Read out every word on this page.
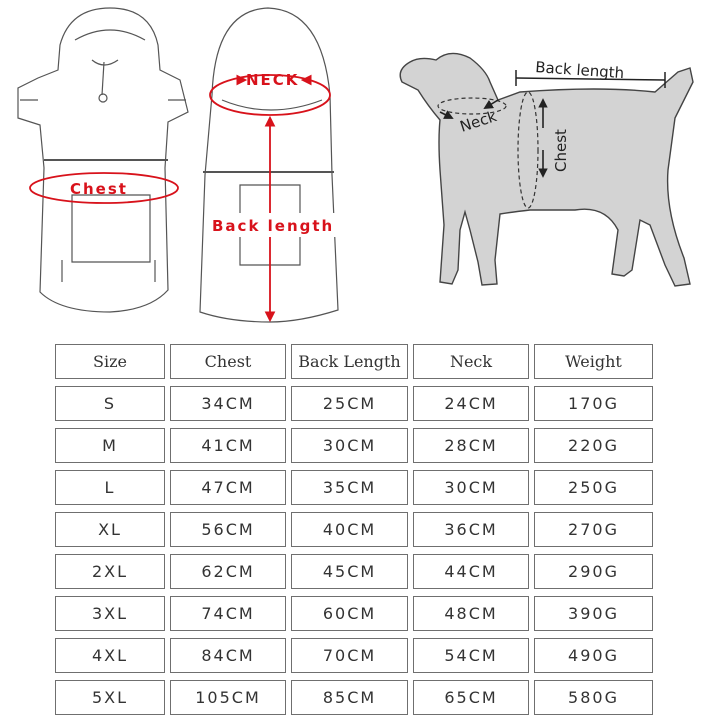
Chest
NECK
Back length
Neck
Back length
Chest
Size	Chest	Back Length	Neck	Weight
S	34CM	25CM	24CM	170G
M	41CM	30CM	28CM	220G
L	47CM	35CM	30CM	250G
XL	56CM	40CM	36CM	270G
2XL	62CM	45CM	44CM	290G
3XL	74CM	60CM	48CM	390G
4XL	84CM	70CM	54CM	490G
5XL	105CM	85CM	65CM	580G
